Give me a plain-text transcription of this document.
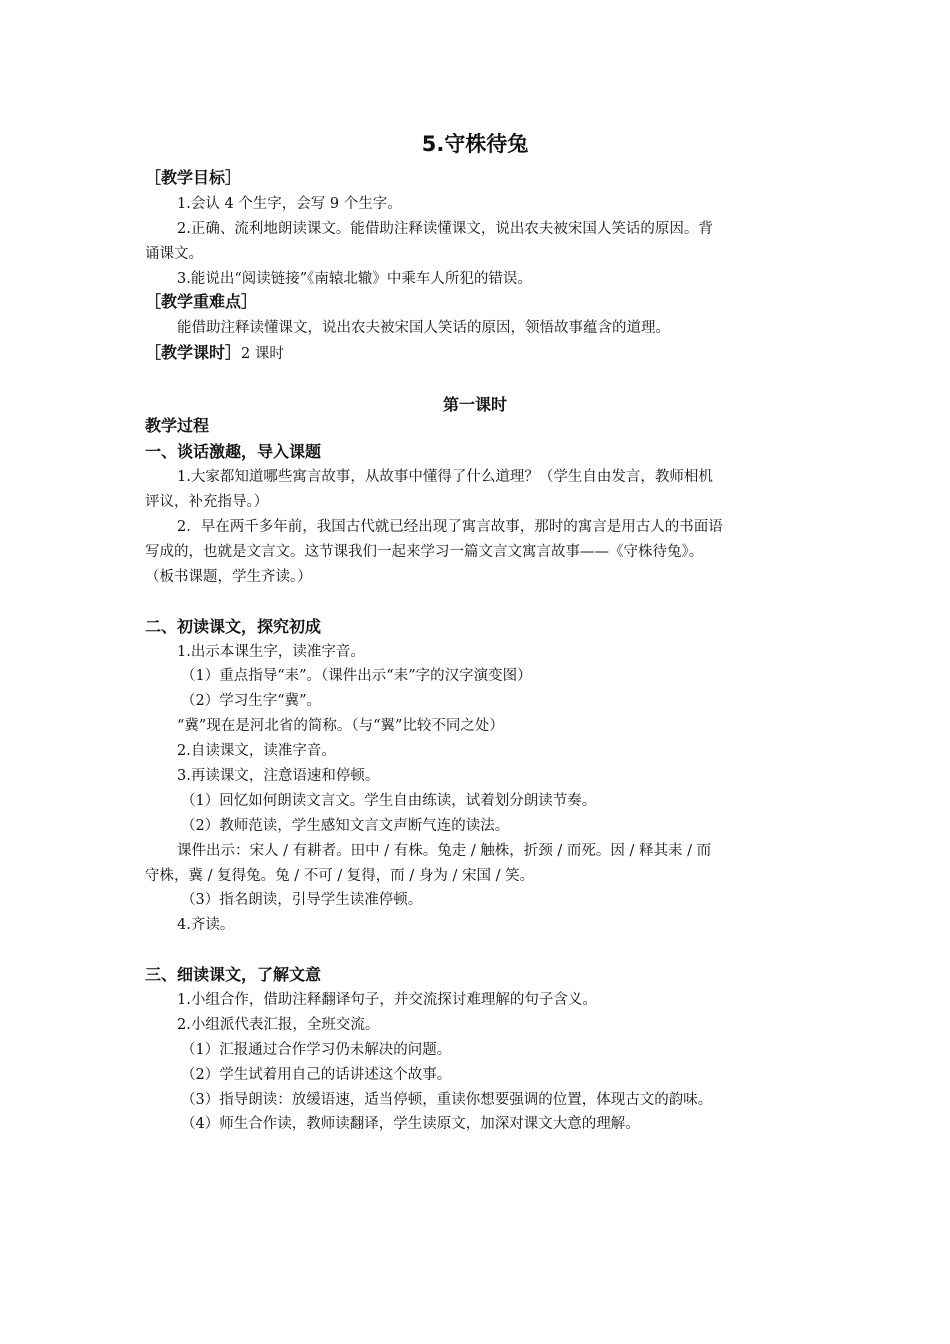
5.守株待兔
［教学目标］
1.会认 4 个生字，会写 9 个生字。
2.正确、流利地朗读课文。能借助注释读懂课文，说出农夫被宋国人笑话的原因。背
诵课文。
3.能说出“阅读链接”《南辕北辙》中乘车人所犯的错误。
［教学重难点］
能借助注释读懂课文，说出农夫被宋国人笑话的原因，领悟故事蕴含的道理。
［教学课时］2 课时
第一课时
教学过程
一、谈话激趣，导入课题
1.大家都知道哪些寓言故事，从故事中懂得了什么道理？（学生自由发言，教师相机
评议，补充指导。）
2．早在两千多年前，我国古代就已经出现了寓言故事，那时的寓言是用古人的书面语
写成的，也就是文言文。这节课我们一起来学习一篇文言文寓言故事——《守株待兔》。
（板书课题，学生齐读。）
二、初读课文，探究初成
1.出示本课生字，读准字音。
（1）重点指导“耒”。（课件出示“耒”字的汉字演变图）
（2）学习生字“冀”。
“冀”现在是河北省的简称。（与“翼”比较不同之处）
2.自读课文，读准字音。
3.再读课文，注意语速和停顿。
（1）回忆如何朗读文言文。学生自由练读，试着划分朗读节奏。
（2）教师范读，学生感知文言文声断气连的读法。
课件出示：宋人 / 有耕者。田中 / 有株。兔走 / 触株，折颈 / 而死。因 / 释其耒 / 而
守株，冀 / 复得兔。兔 / 不可 / 复得，而 / 身为 / 宋国 / 笑。
（3）指名朗读，引导学生读准停顿。
4.齐读。
三、细读课文，了解文意
1.小组合作，借助注释翻译句子，并交流探讨难理解的句子含义。
2.小组派代表汇报，全班交流。
（1）汇报通过合作学习仍未解决的问题。
（2）学生试着用自己的话讲述这个故事。
（3）指导朗读：放缓语速，适当停顿，重读你想要强调的位置，体现古文的韵味。
（4）师生合作读，教师读翻译，学生读原文，加深对课文大意的理解。
